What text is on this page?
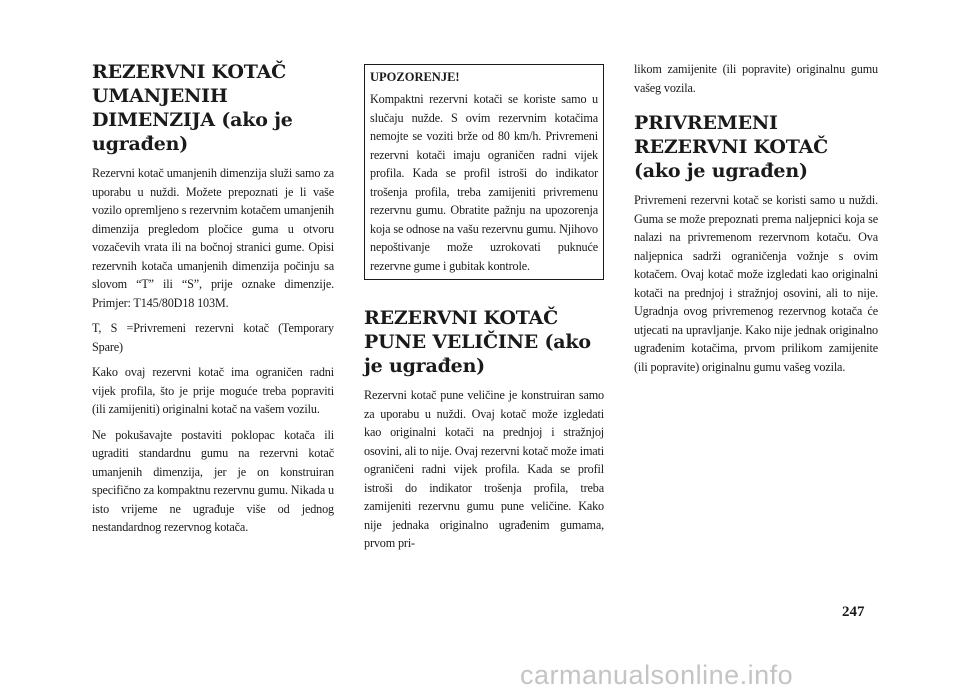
REZERVNI KOTAČ UMANJENIH DIMENZIJA (ako je ugrađen)

Rezervni kotač umanjenih dimenzija služi samo za uporabu u nuždi. Možete prepoznati je li vaše vozilo opremljeno s rezervnim kotačem umanjenih dimenzija pregledom pločice guma u otvoru vozačevih vrata ili na bočnoj stranici gume. Opisi rezervnih kotača umanjenih dimenzija počinju sa slovom “T” ili “S”, prije oznake dimenzije. Primjer: T145/80D18 103M.

T, S =Privremeni rezervni kotač (Temporary Spare)

Kako ovaj rezervni kotač ima ograničen radni vijek profila, što je prije moguće treba popraviti (ili zamijeniti) originalni kotač na vašem vozilu.

Ne pokušavajte postaviti poklopac kotača ili ugraditi standardnu gumu na rezervni kotač umanjenih dimenzija, jer je on konstruiran specifično za kompaktnu rezervnu gumu. Nikada u isto vrijeme ne ugrađuje više od jednog nestandardnog rezervnog kotača.

UPOZORENJE!

Kompaktni rezervni kotači se koriste samo u slučaju nužde. S ovim rezervnim kotačima nemojte se voziti brže od 80 km/h. Privremeni rezervni kotači imaju ograničen radni vijek profila. Kada se profil istroši do indikator trošenja profila, treba zamijeniti privremenu rezervnu gumu. Obratite pažnju na upozorenja koja se odnose na vašu rezervnu gumu. Njihovo nepoštivanje može uzrokovati puknuće rezervne gume i gubitak kontrole.

REZERVNI KOTAČ PUNE VELIČINE (ako je ugrađen)

Rezervni kotač pune veličine je konstruiran samo za uporabu u nuždi. Ovaj kotač može izgledati kao originalni kotači na prednjoj i stražnjoj osovini, ali to nije. Ovaj rezervni kotač može imati ograničeni radni vijek profila. Kada se profil istroši do indikator trošenja profila, treba zamijeniti rezervnu gumu pune veličine. Kako nije jednaka originalno ugrađenim gumama, prvom pri-

likom zamijenite (ili popravite) originalnu gumu vašeg vozila.

PRIVREMENI REZERVNI KOTAČ (ako je ugrađen)

Privremeni rezervni kotač se koristi samo u nuždi. Guma se može prepoznati prema naljepnici koja se nalazi na privremenom rezervnom kotaču. Ova naljepnica sadrži ograničenja vožnje s ovim kotačem. Ovaj kotač može izgledati kao originalni kotači na prednjoj i stražnjoj osovini, ali to nije. Ugradnja ovog privremenog rezervnog kotača će utjecati na upravljanje. Kako nije jednak originalno ugrađenim kotačima, prvom prilikom zamijenite (ili popravite) originalnu gumu vašeg vozila.

247
carmanualsonline.info
